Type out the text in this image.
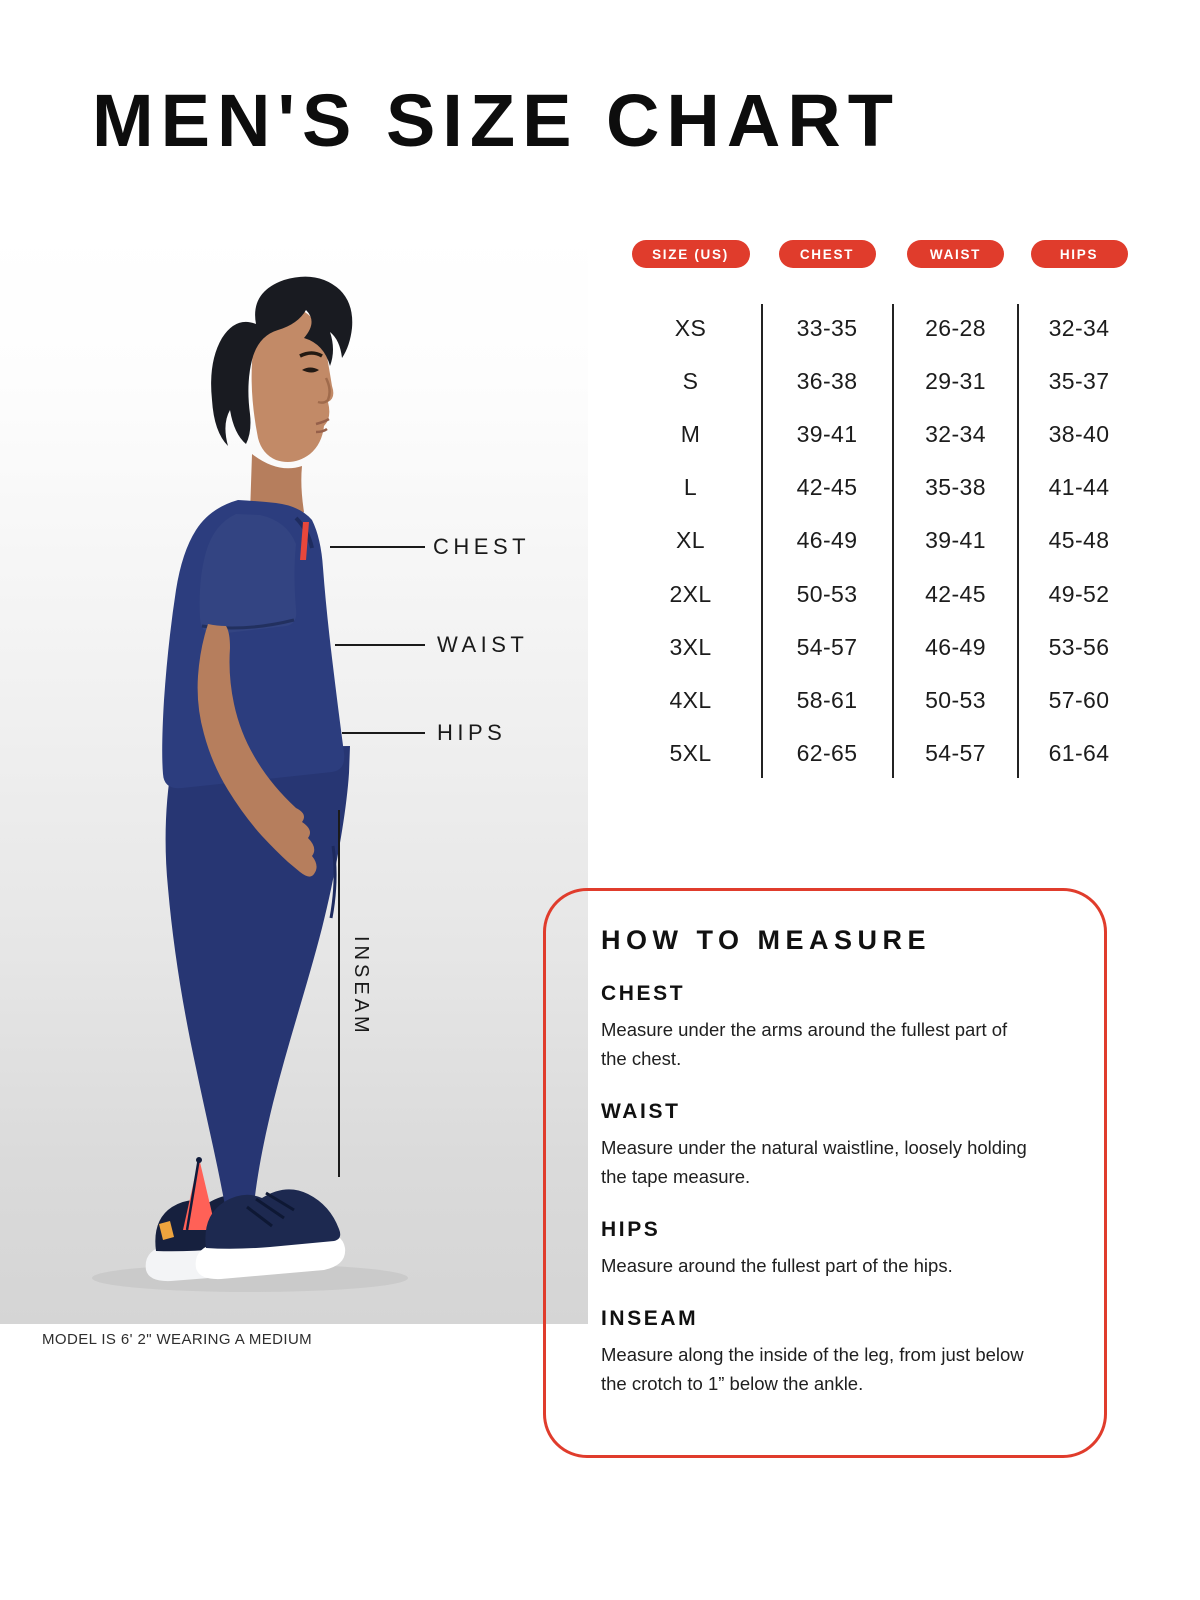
MEN'S SIZE CHART
CHEST
WAIST
HIPS
INSEAM
MODEL IS 6' 2" WEARING A MEDIUM
SIZE (US)	CHEST	WAIST	HIPS
XS	33-35	26-28	32-34
S	36-38	29-31	35-37
M	39-41	32-34	38-40
L	42-45	35-38	41-44
XL	46-49	39-41	45-48
2XL	50-53	42-45	49-52
3XL	54-57	46-49	53-56
4XL	58-61	50-53	57-60
5XL	62-65	54-57	61-64
HOW TO MEASURE
CHEST

Measure under the arms around the fullest part of the chest.

WAIST

Measure under the natural waistline, loosely holding the tape measure.

HIPS

Measure around the fullest part of the hips.

INSEAM

Measure along the inside of the leg, from just below the crotch to 1” below the ankle.
